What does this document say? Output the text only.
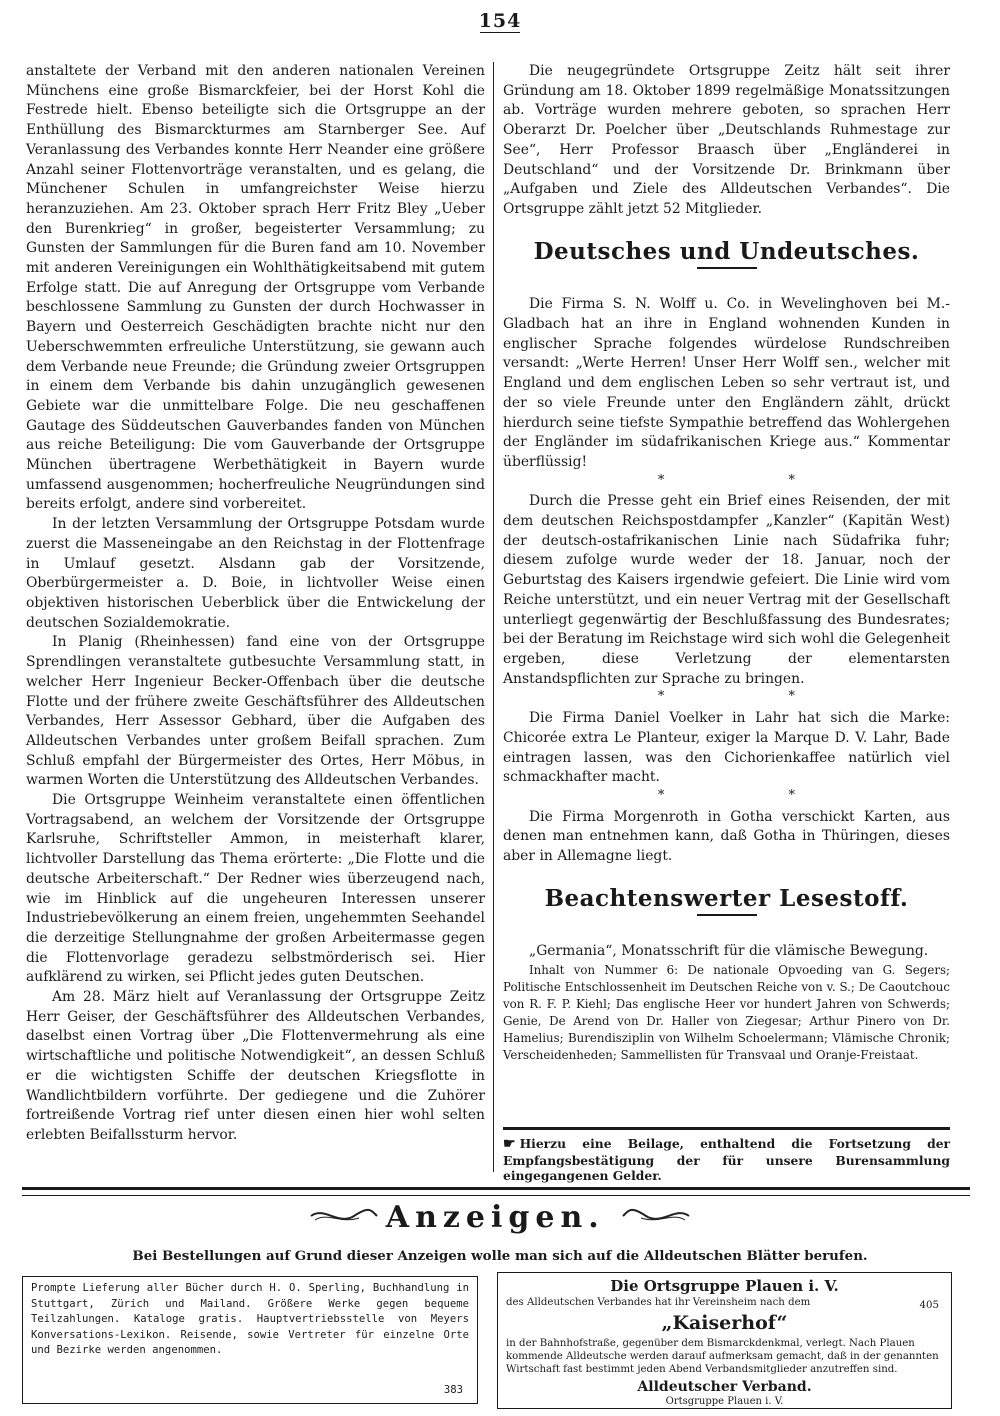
154

anstaltete der Verband mit den anderen nationalen Vereinen Münchens eine große Bismarckfeier, bei der Horst Kohl die Festrede hielt. Ebenso beteiligte sich die Ortsgruppe an der Enthüllung des Bismarckturmes am Starnberger See. Auf Veranlassung des Verbandes konnte Herr Neander eine größere Anzahl seiner Flottenvorträge veranstalten, und es gelang, die Münchener Schulen in umfangreichster Weise hierzu heranzuziehen. Am 23. Oktober sprach Herr Fritz Bley „Ueber den Burenkrieg“ in großer, begeisterter Versammlung; zu Gunsten der Sammlungen für die Buren fand am 10. November mit anderen Vereinigungen ein Wohlthätigkeitsabend mit gutem Erfolge statt. Die auf Anregung der Ortsgruppe vom Verbande beschlossene Sammlung zu Gunsten der durch Hochwasser in Bayern und Oesterreich Geschädigten brachte nicht nur den Ueberschwemmten erfreuliche Unterstützung, sie gewann auch dem Verbande neue Freunde; die Gründung zweier Ortsgruppen in einem dem Verbande bis dahin unzugänglich gewesenen Gebiete war die unmittelbare Folge. Die neu geschaffenen Gautage des Süddeutschen Gauverbandes fanden von München aus reiche Beteiligung: Die vom Gauverbande der Ortsgruppe München übertragene Werbethätigkeit in Bayern wurde umfassend ausgenommen; hocherfreuliche Neugründungen sind bereits erfolgt, andere sind vorbereitet.

In der letzten Versammlung der Ortsgruppe Potsdam wurde zuerst die Masseneingabe an den Reichstag in der Flottenfrage in Umlauf gesetzt. Alsdann gab der Vorsitzende, Oberbürgermeister a. D. Boie, in lichtvoller Weise einen objektiven historischen Ueberblick über die Entwickelung der deutschen Sozialdemokratie.

In Planig (Rheinhessen) fand eine von der Ortsgruppe Sprendlingen veranstaltete gutbesuchte Versammlung statt, in welcher Herr Ingenieur Becker-Offenbach über die deutsche Flotte und der frühere zweite Geschäftsführer des Alldeutschen Verbandes, Herr Assessor Gebhard, über die Aufgaben des Alldeutschen Verbandes unter großem Beifall sprachen. Zum Schluß empfahl der Bürgermeister des Ortes, Herr Möbus, in warmen Worten die Unterstützung des Alldeutschen Verbandes.

Die Ortsgruppe Weinheim veranstaltete einen öffentlichen Vortragsabend, an welchem der Vorsitzende der Ortsgruppe Karlsruhe, Schriftsteller Ammon, in meisterhaft klarer, lichtvoller Darstellung das Thema erörterte: „Die Flotte und die deutsche Arbeiterschaft.“ Der Redner wies überzeugend nach, wie im Hinblick auf die ungeheuren Interessen unserer Industriebevölkerung an einem freien, ungehemmten Seehandel die derzeitige Stellungnahme der großen Arbeitermasse gegen die Flottenvorlage geradezu selbstmörderisch sei. Hier aufklärend zu wirken, sei Pflicht jedes guten Deutschen.

Am 28. März hielt auf Veranlassung der Ortsgruppe Zeitz Herr Geiser, der Geschäftsführer des Alldeutschen Verbandes, daselbst einen Vortrag über „Die Flottenvermehrung als eine wirtschaftliche und politische Notwendigkeit“, an dessen Schluß er die wichtigsten Schiffe der deutschen Kriegsflotte in Wandlichtbildern vorführte. Der gediegene und die Zuhörer fortreißende Vortrag rief unter diesen einen hier wohl selten erlebten Beifallssturm hervor.

Die neugegründete Ortsgruppe Zeitz hält seit ihrer Gründung am 18. Oktober 1899 regelmäßige Monatssitzungen ab. Vorträge wurden mehrere geboten, so sprachen Herr Oberarzt Dr. Poelcher über „Deutschlands Ruhmestage zur See“, Herr Professor Braasch über „Engländerei in Deutschland“ und der Vorsitzende Dr. Brinkmann über „Aufgaben und Ziele des Alldeutschen Verbandes“. Die Ortsgruppe zählt jetzt 52 Mitglieder.

Deutsches und Undeutsches.

Die Firma S. N. Wolff u. Co. in Wevelinghoven bei M.-Gladbach hat an ihre in England wohnenden Kunden in englischer Sprache folgendes würdelose Rundschreiben versandt: „Werte Herren! Unser Herr Wolff sen., welcher mit England und dem englischen Leben so sehr vertraut ist, und der so viele Freunde unter den Engländern zählt, drückt hierdurch seine tiefste Sympathie betreffend das Wohlergehen der Engländer im südafrikanischen Kriege aus.“ Kommentar überflüssig!

* *

Durch die Presse geht ein Brief eines Reisenden, der mit dem deutschen Reichspostdampfer „Kanzler“ (Kapitän West) der deutsch-ostafrikanischen Linie nach Südafrika fuhr; diesem zufolge wurde weder der 18. Januar, noch der Geburtstag des Kaisers irgendwie gefeiert. Die Linie wird vom Reiche unterstützt, und ein neuer Vertrag mit der Gesellschaft unterliegt gegenwärtig der Beschlußfassung des Bundesrates; bei der Beratung im Reichstage wird sich wohl die Gelegenheit ergeben, diese Verletzung der elementarsten Anstandspflichten zur Sprache zu bringen.

* *

Die Firma Daniel Voelker in Lahr hat sich die Marke: Chicorée extra Le Planteur, exiger la Marque D. V. Lahr, Bade eintragen lassen, was den Cichorienkaffee natürlich viel schmackhafter macht.

* *

Die Firma Morgenroth in Gotha verschickt Karten, aus denen man entnehmen kann, daß Gotha in Thüringen, dieses aber in Allemagne liegt.

Beachtenswerter Lesestoff.

„Germania“, Monatsschrift für die vlämische Bewegung.

Inhalt von Nummer 6: De nationale Opvoeding van G. Segers; Politische Entschlossenheit im Deutschen Reiche von v. S.; De Caoutchouc von R. F. P. Kiehl; Das englische Heer vor hundert Jahren von Schwerds; Genie, De Arend von Dr. Haller von Ziegesar; Arthur Pinero von Dr. Hamelius; Burendisziplin von Wilhelm Schoelermann; Vlämische Chronik; Verscheidenheden; Sammellisten für Transvaal und Oranje-Freistaat.

☛ Hierzu eine Beilage, enthaltend die Fortsetzung der Empfangsbestätigung der für unsere Burensammlung eingegangenen Gelder.
Anzeigen.
Bei Bestellungen auf Grund dieser Anzeigen wolle man sich auf die Alldeutschen Blätter berufen.
Prompte Lieferung aller Bücher durch H. O. Sperling, Buchhandlung in Stuttgart, Zürich und Mailand. Größere Werke gegen bequeme Teilzahlungen. Kataloge gratis. Hauptvertriebsstelle von Meyers Konversations-Lexikon. Reisende, sowie Vertreter für einzelne Orte und Bezirke werden angenommen.
383
Die Ortsgruppe Plauen i. V.
des Alldeutschen Verbandes hat ihr Vereinsheim nach dem	405
„Kaiserhof“
in der Bahnhofstraße, gegenüber dem Bismarckdenkmal, verlegt. Nach Plauen kommende Alldeutsche werden darauf aufmerksam gemacht, daß in der genannten Wirtschaft fast bestimmt jeden Abend Verbandsmitglieder anzutreffen sind.
Alldeutscher Verband.
Ortsgruppe Plauen i. V.
